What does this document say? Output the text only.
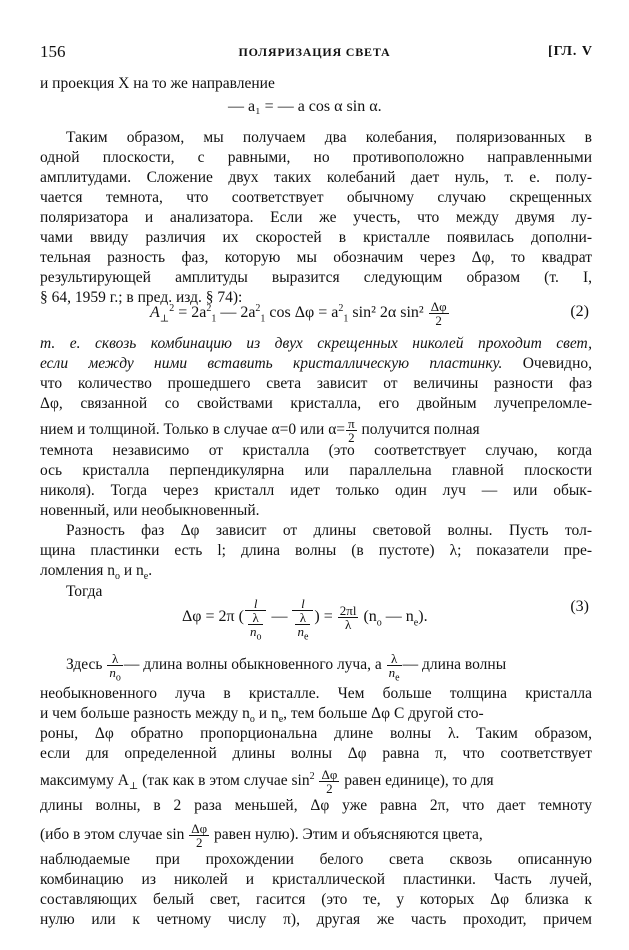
156	ПОЛЯРИЗАЦИЯ СВЕТА	[ГЛ. V
и проекция X на то же направление
— a₁ = — a cos α sin α.
Таким образом, мы получаем два колебания, поляризованных в
одной плоскости, с равными, но противоположно направленными
амплитудами. Сложение двух таких колебаний дает нуль, т. е. полу-
чается темнота, что соответствует обычному случаю скрещенных
поляризатора и анализатора. Если же учесть, что между двумя лу-
чами ввиду различия их скоростей в кристалле появилась дополни-
тельная разность фаз, которую мы обозначим через Δφ, то квадрат
результирующей амплитуды выразится следующим образом (т. I,
§ 64, 1959 г.; в пред. изд. § 74):
$A_\perp^2 = 2a^2_1$ — $2a^2_1$ $\cos \Delta\varphi = a^2_1$ sin² 2α $\sin^2 \frac{\Delta\varphi}{2}$	(2)
т. е. сквозь комбинацию из двух скрещенных николей проходит свет,
если между ними вставить кристаллическую пластинку. Очевидно,
что количество прошедшего света зависит от величины разности фаз
Δφ, связанной со свойствами кристалла, его двойным лучепреломле-
нием и толщиной. Только в случае α=0 или $\alpha= \frac{\pi}{2}$ получится полная
темнота независимо от кристалла (это соответствует случаю, когда
ось кристалла перпендикулярна или параллельна главной плоскости
николя). Тогда через кристалл идет только один луч — или обык-
новенный, или необыкновенный.
Разность фаз Δφ зависит от длины световой волны. Пусть тол-
щина пластинки есть l; длина волны (в пустоте) λ; показатели пре-
ломления $n_o$ и $n_e$.
Тогда
Δφ = 2π ( $\frac{l}{\frac{\lambda}{n_o}}$ — $\frac{l}{\frac{\lambda}{n_e}}$ ) = $\frac{2\pi l}{\lambda} (n_o$ — $n_e$).
(3)
Здесь $\frac{\lambda}{n_o}$ — длина волны обыкновенного луча, а $\frac{\lambda}{n_e}$ — длина волны
необыкновенного луча в кристалле. Чем больше толщина кристалла
и чем больше разность между $n_o$ и $n_e$, тем больше Δφ С другой сто-
роны, Δφ обратно пропорциональна длине волны λ. Таким образом,
если для определенной длины волны Δφ равна π, что соответствует
максимуму $A_\perp$ (так как в этом случае $\sin^2 \frac{\Delta\varphi}{2}$ равен единице), то для
длины волны, в 2 раза меньшей, Δφ уже равна 2π, что дает темноту
(ибо в этом случае $\sin \frac{\Delta\varphi}{2}$ равен нулю). Этим и объясняются цвета,
наблюдаемые при прохождении белого света сквозь описанную
комбинацию из николей и кристаллической пластинки. Часть лучей,
составляющих белый свет, гасится (это те, у которых Δφ близка к
нулю или к четному числу π), другая же часть проходит, причем
